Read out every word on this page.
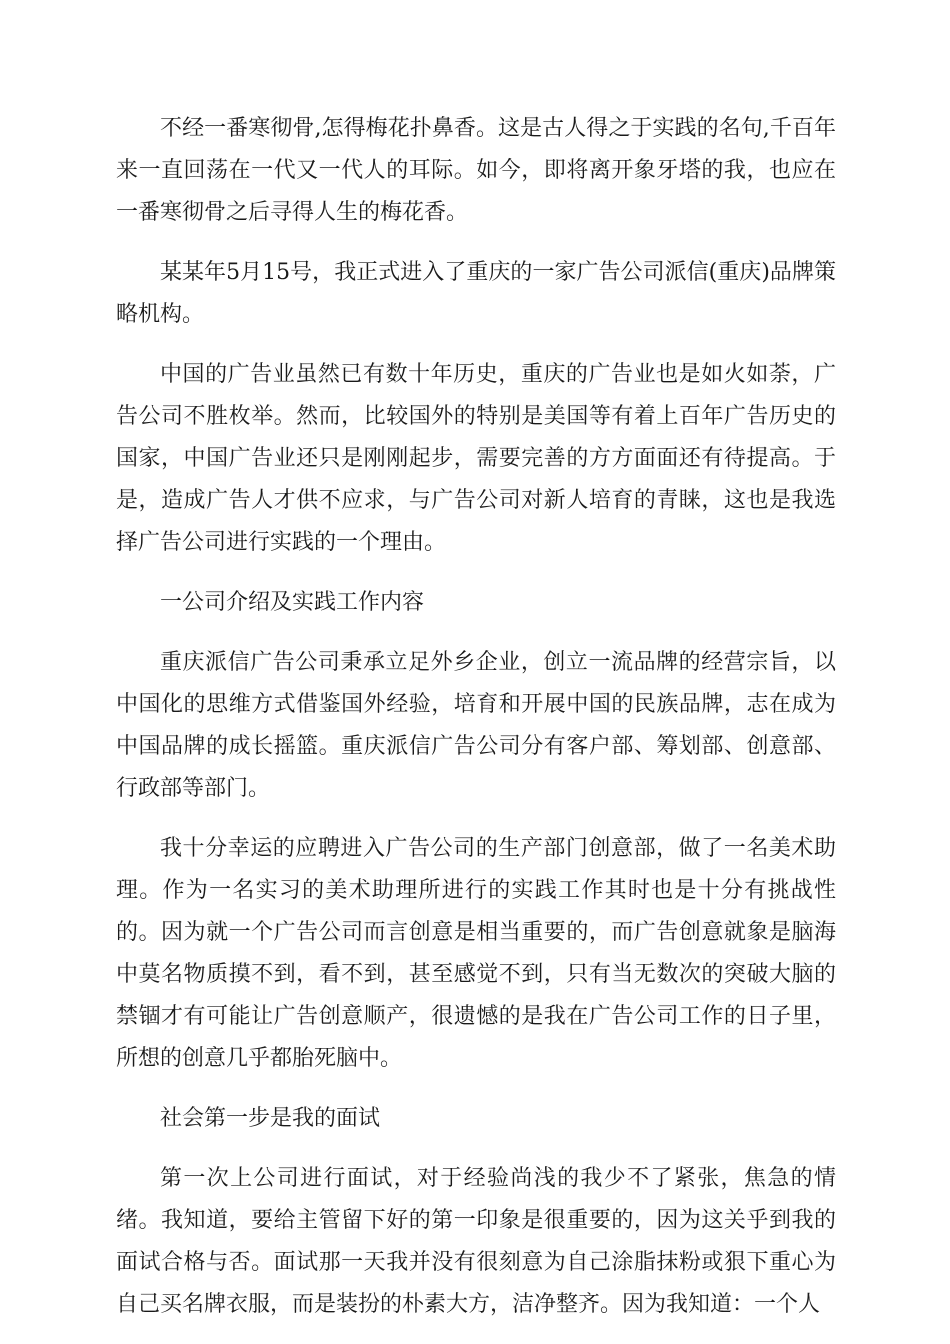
不经一番寒彻骨,怎得梅花扑鼻香。这是古人得之于实践的名句,千百年来一直回荡在一代又一代人的耳际。如今，即将离开象牙塔的我，也应在一番寒彻骨之后寻得人生的梅花香。

某某年5月15号，我正式进入了重庆的一家广告公司派信(重庆)品牌策略机构。

中国的广告业虽然已有数十年历史，重庆的广告业也是如火如荼，广告公司不胜枚举。然而，比较国外的特别是美国等有着上百年广告历史的国家，中国广告业还只是刚刚起步，需要完善的方方面面还有待提高。于是，造成广告人才供不应求，与广告公司对新人培育的青睐，这也是我选择广告公司进行实践的一个理由。

一公司介绍及实践工作内容

重庆派信广告公司秉承立足外乡企业，创立一流品牌的经营宗旨，以中国化的思维方式借鉴国外经验，培育和开展中国的民族品牌，志在成为中国品牌的成长摇篮。重庆派信广告公司分有客户部、筹划部、创意部、行政部等部门。

我十分幸运的应聘进入广告公司的生产部门创意部，做了一名美术助理。作为一名实习的美术助理所进行的实践工作其时也是十分有挑战性的。因为就一个广告公司而言创意是相当重要的，而广告创意就象是脑海中莫名物质摸不到，看不到，甚至感觉不到，只有当无数次的突破大脑的禁锢才有可能让广告创意顺产，很遗憾的是我在广告公司工作的日子里，所想的创意几乎都胎死脑中。

社会第一步是我的面试

第一次上公司进行面试，对于经验尚浅的我少不了紧张，焦急的情绪。我知道，要给主管留下好的第一印象是很重要的，因为这关乎到我的面试合格与否。面试那一天我并没有很刻意为自己涂脂抹粉或狠下重心为自己买名牌衣服，而是装扮的朴素大方，洁净整齐。因为我知道：一个人
